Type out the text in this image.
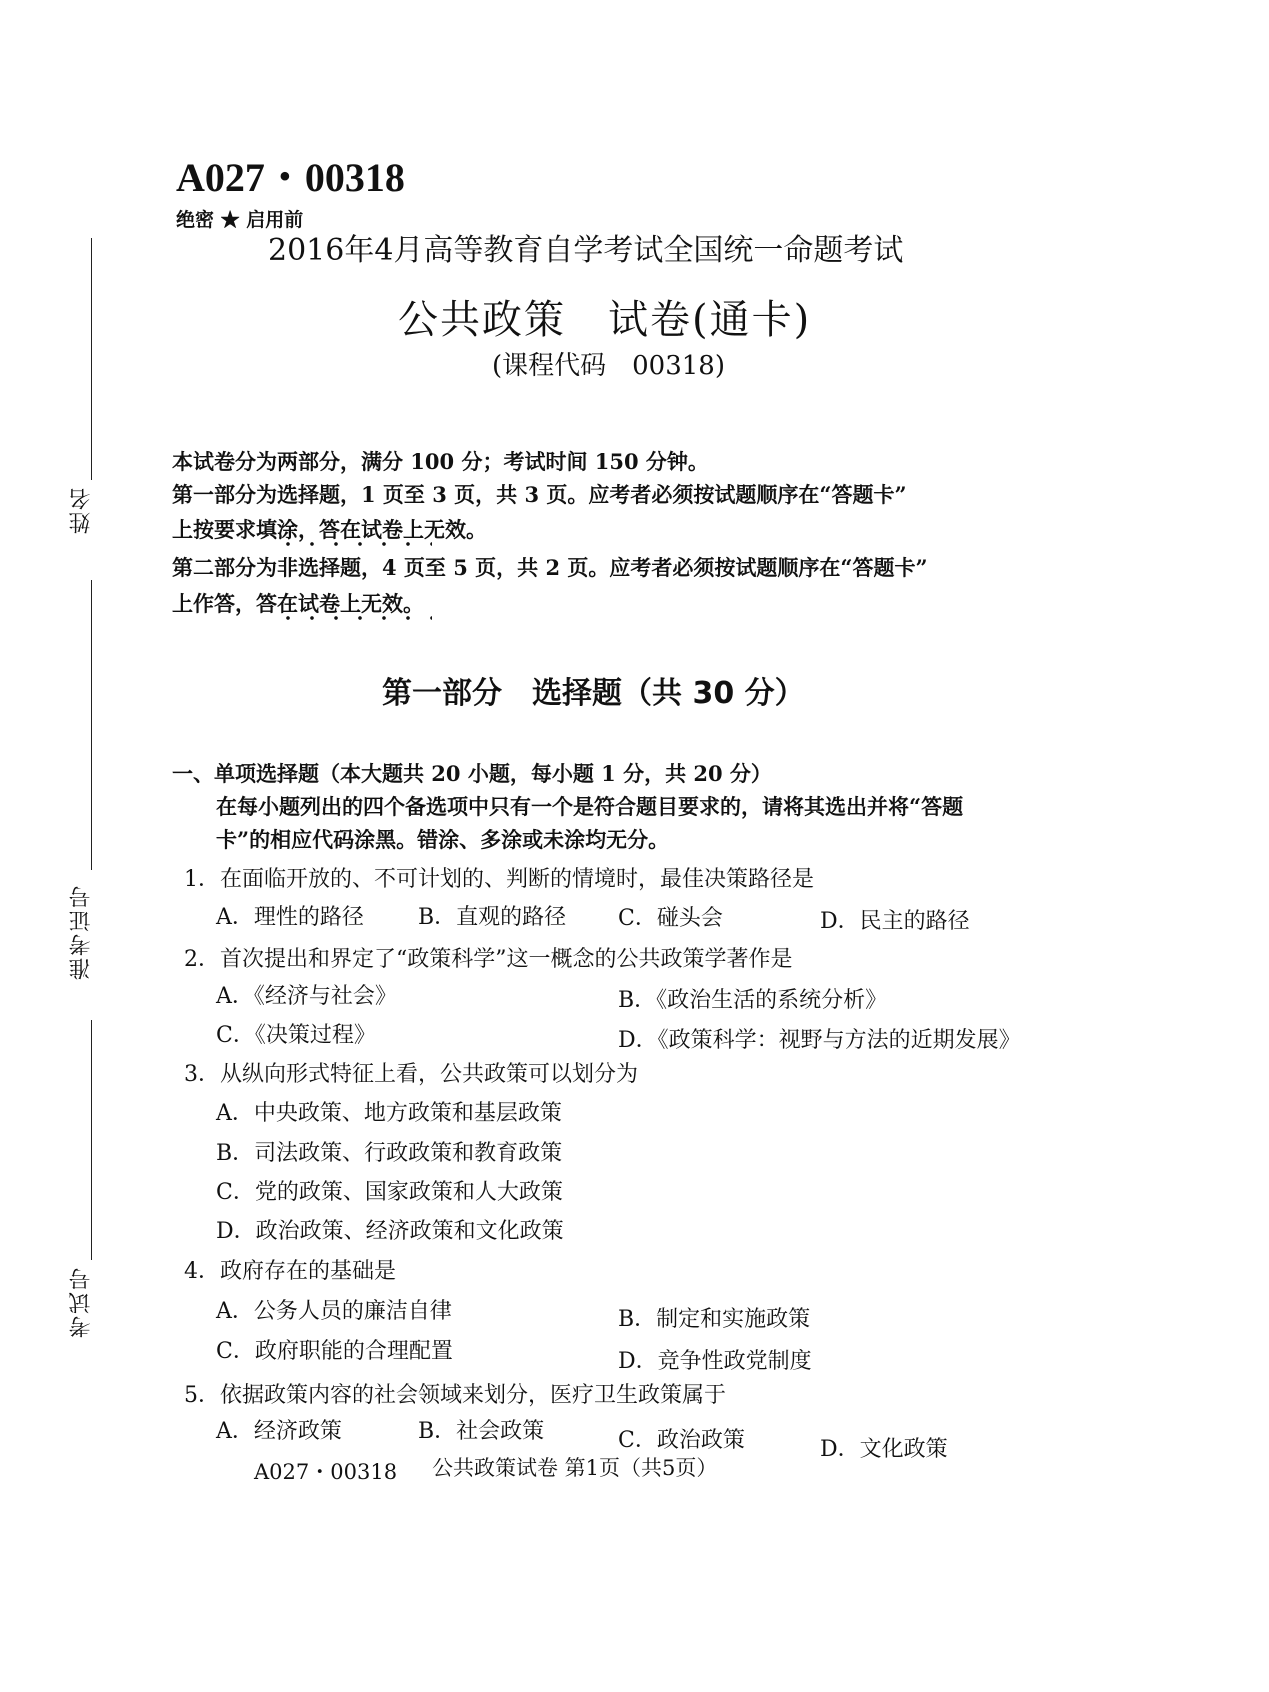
姓名
准考证号
考试号
A027・00318
绝密 ★ 启用前
2016年4月高等教育自学考试全国统一命题考试
公共政策　试卷(通卡)
(课程代码　00318)
本试卷分为两部分，满分 100 分；考试时间 150 分钟。
第一部分为选择题，1 页至 3 页，共 3 页。应考者必须按试题顺序在“答题卡”
上按要求填涂，答在试卷上无效。
第二部分为非选择题，4 页至 5 页，共 2 页。应考者必须按试题顺序在“答题卡”
上作答，答在试卷上无效。
第一部分　选择题（共 30 分）
一、单项选择题（本大题共 20 小题，每小题 1 分，共 20 分）
在每小题列出的四个备选项中只有一个是符合题目要求的，请将其选出并将“答题
卡”的相应代码涂黑。错涂、多涂或未涂均无分。
1．在面临开放的、不可计划的、判断的情境时，最佳决策路径是
A．理性的路径 B．直观的路径 C．碰头会	D．民主的路径
2．首次提出和界定了“政策科学”这一概念的公共政策学著作是
A．《经济与社会》	B．《政治生活的系统分析》
C．《决策过程》	D．《政策科学：视野与方法的近期发展》
3．从纵向形式特征上看，公共政策可以划分为
A．中央政策、地方政策和基层政策
B．司法政策、行政政策和教育政策
C．党的政策、国家政策和人大政策
D．政治政策、经济政策和文化政策
4．政府存在的基础是
A．公务人员的廉洁自律	B．制定和实施政策
C．政府职能的合理配置	D．竞争性政党制度
5．依据政策内容的社会领域来划分，医疗卫生政策属于
A．经济政策	B．社会政策	C．政治政策	D．文化政策
A027・00318 公共政策试卷 第1页（共5页）
